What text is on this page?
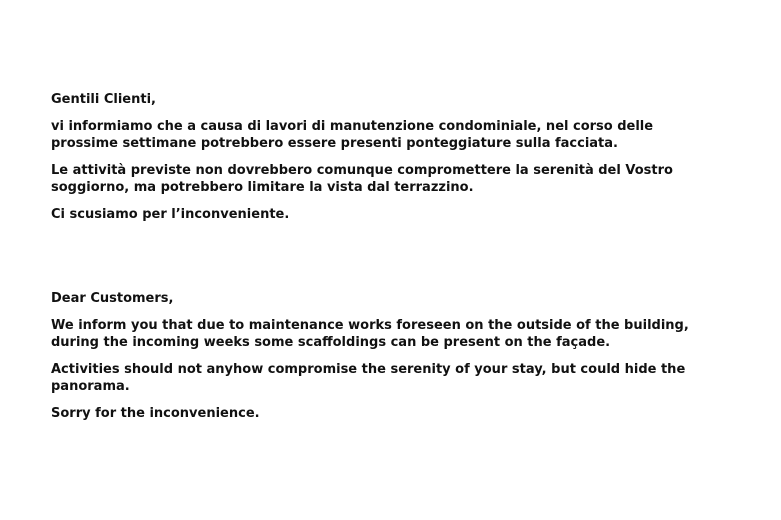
Gentili Clienti,

vi informiamo che a causa di lavori di manutenzione condominiale, nel corso delle

prossime settimane potrebbero essere presenti ponteggiature sulla facciata.

Le attività previste non dovrebbero comunque compromettere la serenità del Vostro

soggiorno, ma potrebbero limitare la vista dal terrazzino.

Ci scusiamo per l’inconveniente.

Dear Customers,

We inform you that due to maintenance works foreseen on the outside of the building,

during the incoming weeks some scaffoldings can be present on the façade.

Activities should not anyhow compromise the serenity of your stay, but could hide the

panorama.

Sorry for the inconvenience.
